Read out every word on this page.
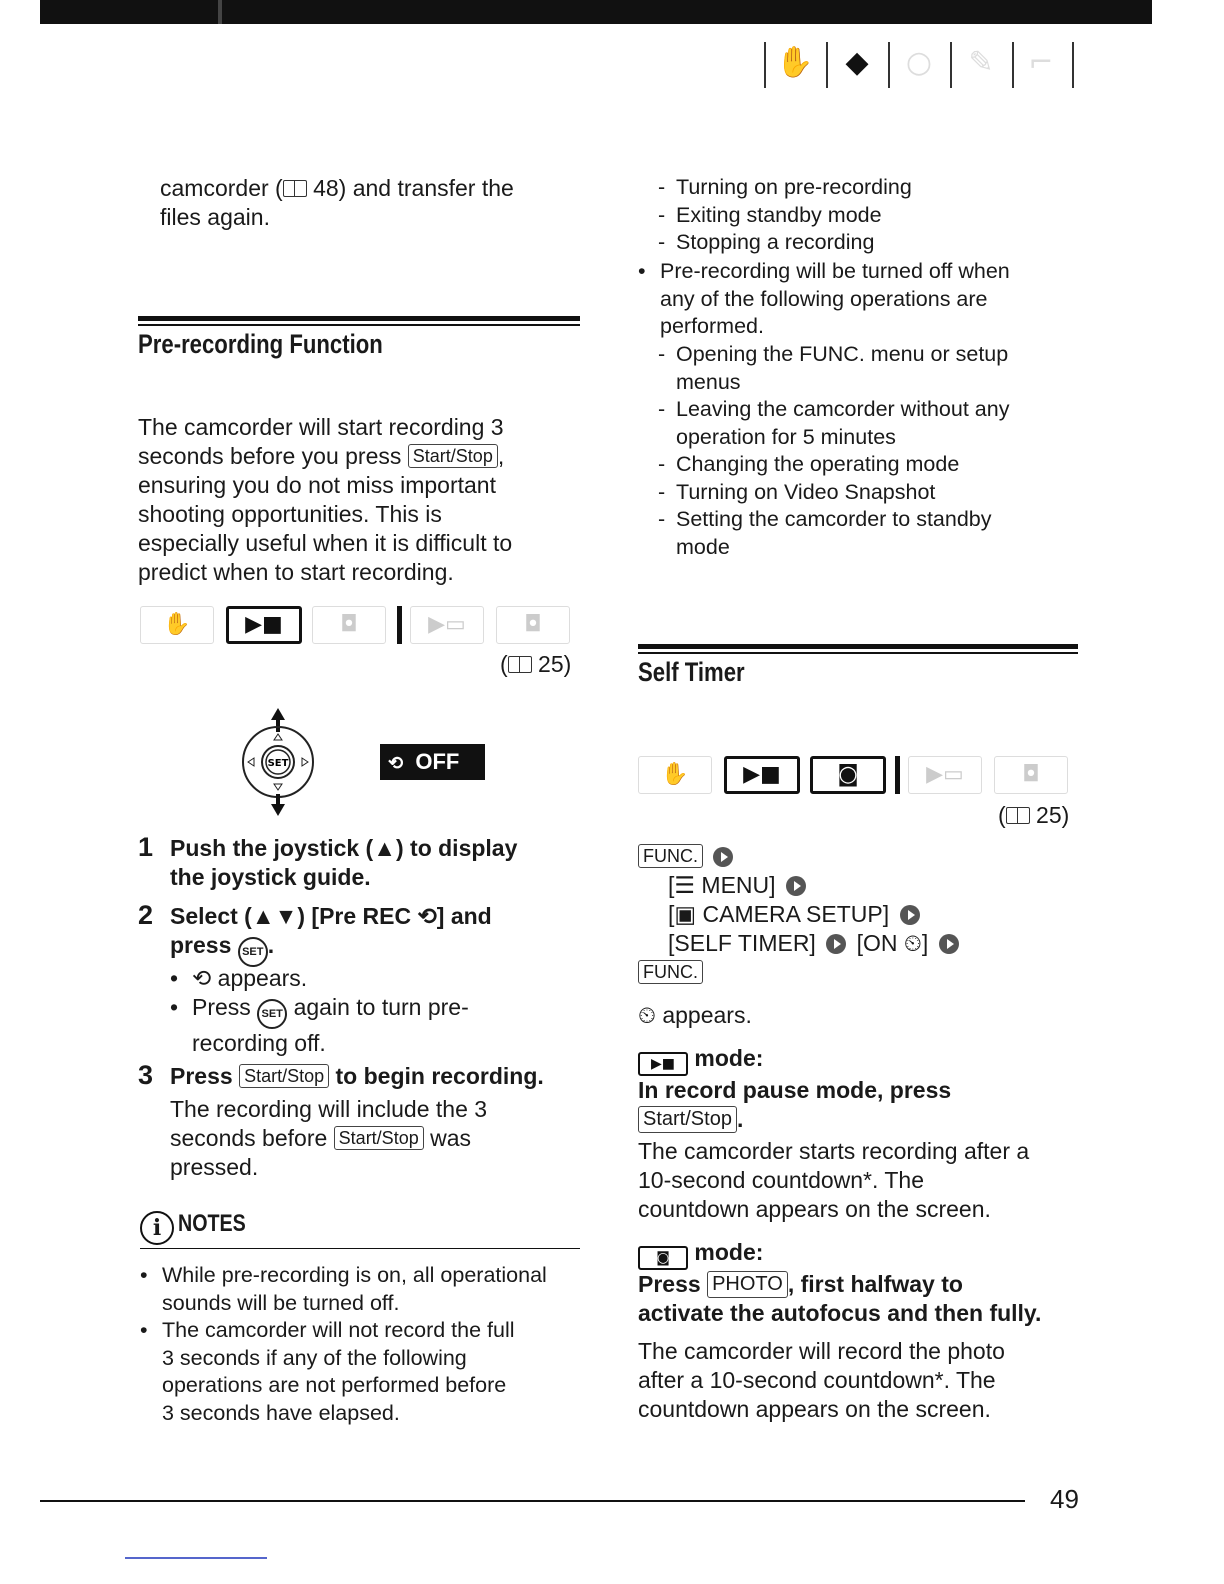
✋	◆	○	✎	⌐
camcorder ( 48) and transfer the
files again.
Pre-recording Function
The camcorder will start recording 3
seconds before you press Start/Stop ,
ensuring you do not miss important
shooting opportunities. This is
especially useful when it is difficult to
predict when to start recording.
✋	▶■	◘	▶▭	◘
( 25)
SET	⟲ OFF
1 Push the joystick (▲) to display
the joystick guide.
2 Select (▲▼) [Pre REC ⟲] and
press SET .
• ⟲ appears.
• Press SET again to turn pre-
recording off.
3 Press Start/Stop to begin recording.
The recording will include the 3
seconds before Start/Stop was
pressed.
i NOTES
• While pre-recording is on, all operational
sounds will be turned off.
• The camcorder will not record the full
3 seconds if any of the following
operations are not performed before
3 seconds have elapsed.
- Turning on pre-recording
- Exiting standby mode
- Stopping a recording
• Pre-recording will be turned off when
any of the following operations are
performed.
- Opening the FUNC. menu or setup
menus
- Leaving the camcorder without any
operation for 5 minutes
- Changing the operating mode
- Turning on Video Snapshot
- Setting the camcorder to standby
mode
Self Timer
✋	▶■	◙	▶▭	◘
( 25)
FUNC.
[☰ MENU]
[▣ CAMERA SETUP]
[SELF TIMER] [ON ⏲]
FUNC.
⏲ appears.
▶■ mode:
In record pause mode, press
Start/Stop .
The camcorder starts recording after a
10-second countdown*. The
countdown appears on the screen.
◙ mode:
Press PHOTO , first halfway to
activate the autofocus and then fully.
The camcorder will record the photo
after a 10-second countdown*. The
countdown appears on the screen.
49
